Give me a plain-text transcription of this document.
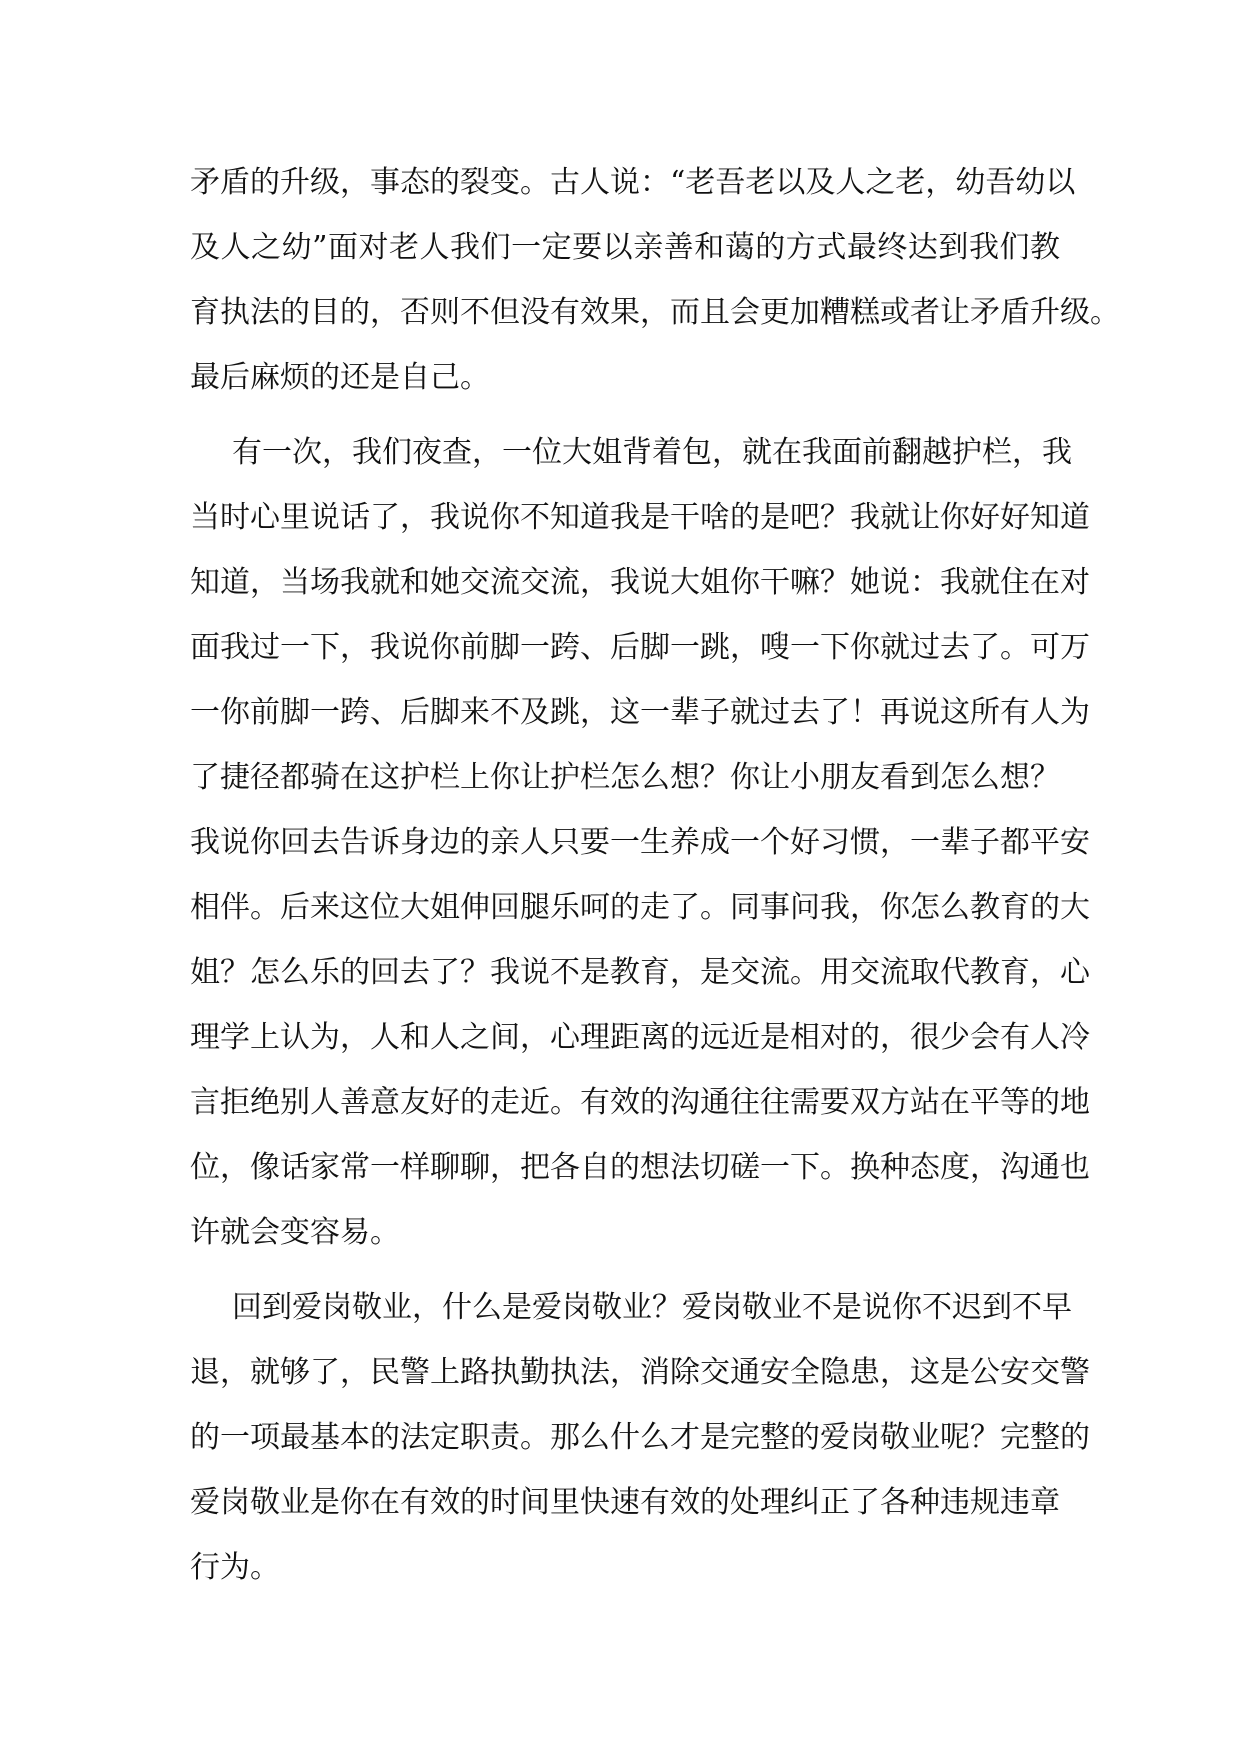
矛盾的升级，事态的裂变。古人说：“老吾老以及人之老，幼吾幼以
及人之幼”面对老人我们一定要以亲善和蔼的方式最终达到我们教
育执法的目的，否则不但没有效果，而且会更加糟糕或者让矛盾升级。
最后麻烦的还是自己。
有一次，我们夜查，一位大姐背着包，就在我面前翻越护栏，我
当时心里说话了，我说你不知道我是干啥的是吧？我就让你好好知道
知道，当场我就和她交流交流，我说大姐你干嘛？她说：我就住在对
面我过一下，我说你前脚一跨、后脚一跳，嗖一下你就过去了。可万
一你前脚一跨、后脚来不及跳，这一辈子就过去了！再说这所有人为
了捷径都骑在这护栏上你让护栏怎么想？你让小朋友看到怎么想？
我说你回去告诉身边的亲人只要一生养成一个好习惯，一辈子都平安
相伴。后来这位大姐伸回腿乐呵的走了。同事问我，你怎么教育的大
姐？怎么乐的回去了？我说不是教育，是交流。用交流取代教育，心
理学上认为，人和人之间，心理距离的远近是相对的，很少会有人冷
言拒绝别人善意友好的走近。有效的沟通往往需要双方站在平等的地
位，像话家常一样聊聊，把各自的想法切磋一下。换种态度，沟通也
许就会变容易。
回到爱岗敬业，什么是爱岗敬业？爱岗敬业不是说你不迟到不早
退，就够了，民警上路执勤执法，消除交通安全隐患，这是公安交警
的一项最基本的法定职责。那么什么才是完整的爱岗敬业呢？完整的
爱岗敬业是你在有效的时间里快速有效的处理纠正了各种违规违章
行为。
